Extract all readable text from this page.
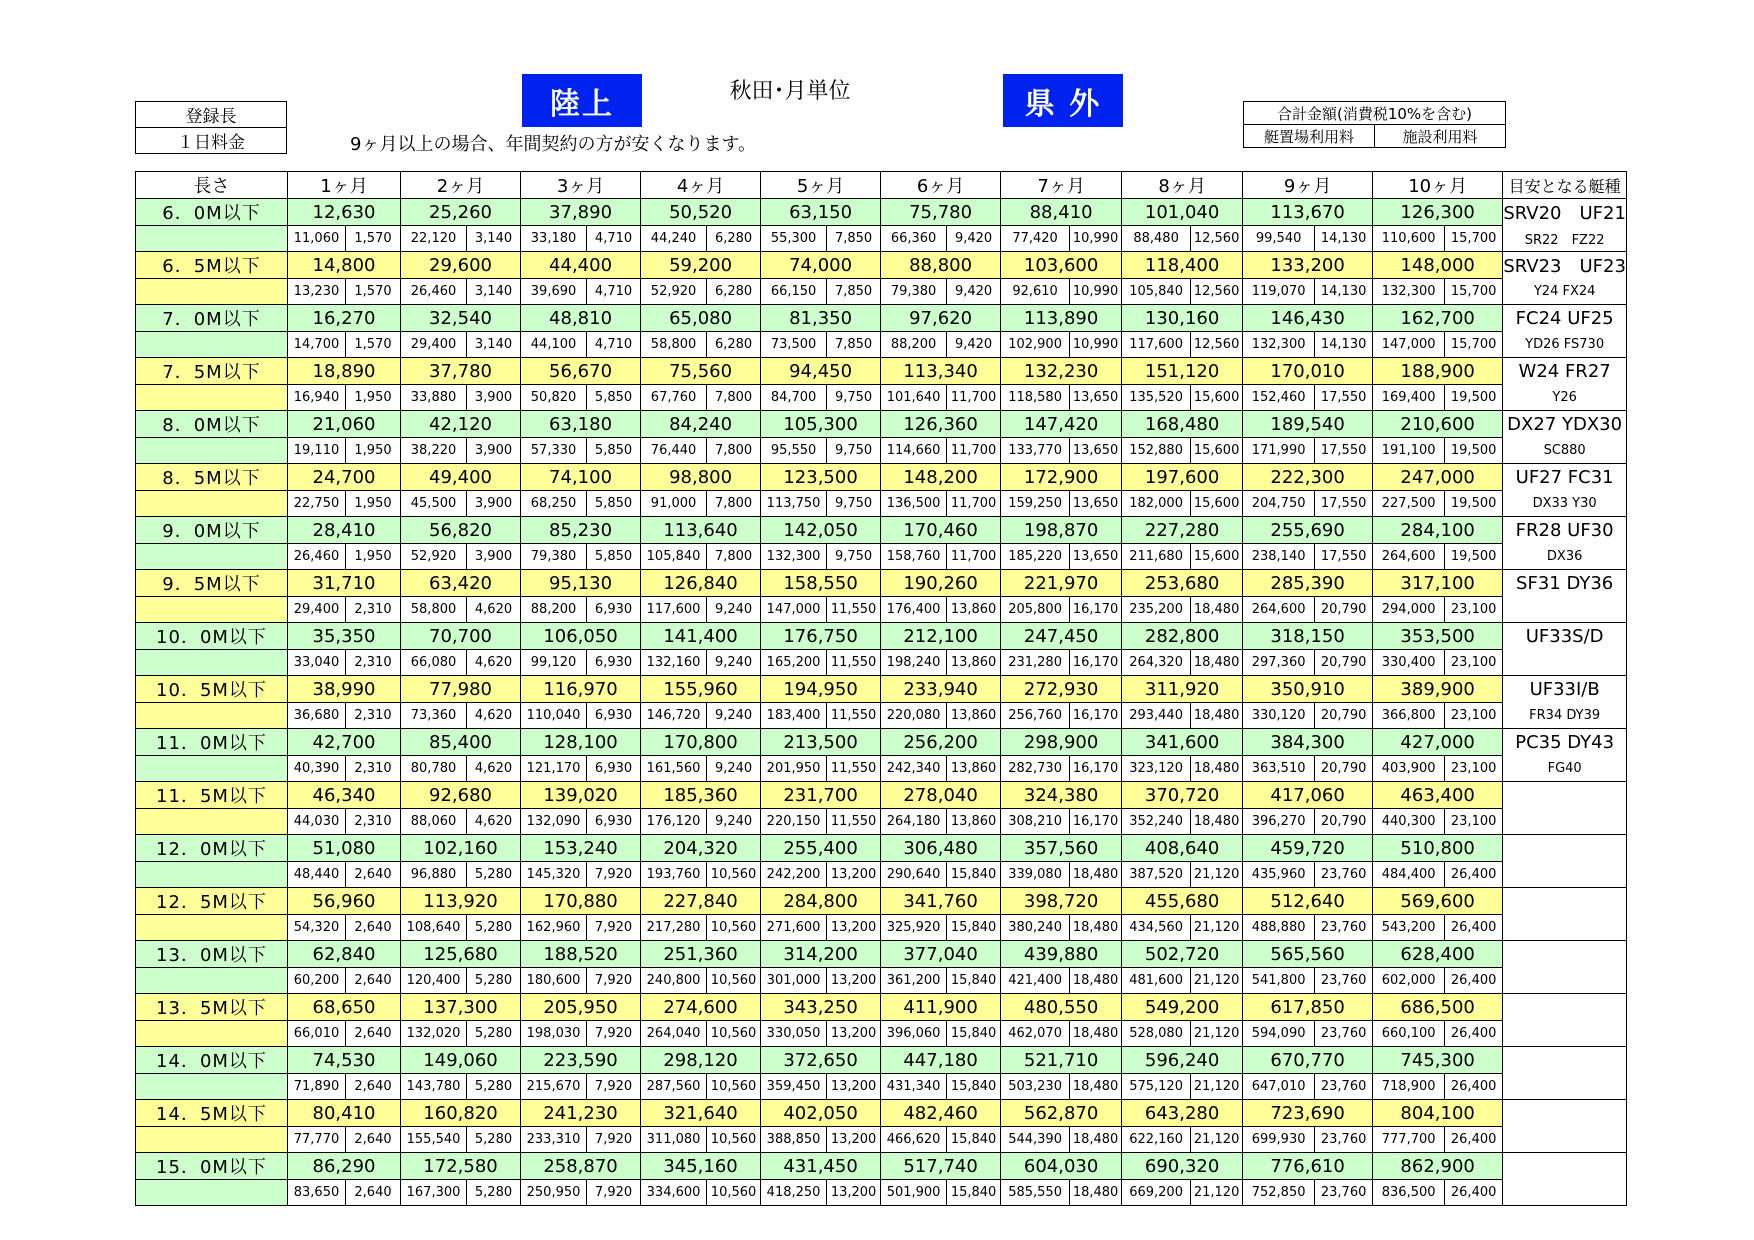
陸上	秋田･月単位	県 外
登録長
１日料金	9ヶ月以上の場合、年間契約の方が安くなります。
合計金額(消費税10%を含む)
艇置場利用料	施設利用料
長さ	1ヶ月		2ヶ月		3ヶ月		4ヶ月		5ヶ月		6ヶ月		7ヶ月		8ヶ月		9ヶ月		10ヶ月		目安となる艇種
6．0M以下	12,630		25,260		37,890		50,520		63,150		75,780		88,410		101,040		113,670		126,300		SRV20　UF21
	11,060	1,570	22,120	3,140	33,180	4,710	44,240	6,280	55,300	7,850	66,360	9,420	77,420	10,990	88,480	12,560	99,540	14,130	110,600	15,700	SR22　FZ22
6．5M以下	14,800		29,600		44,400		59,200		74,000		88,800		103,600		118,400		133,200		148,000		SRV23　UF23
	13,230	1,570	26,460	3,140	39,690	4,710	52,920	6,280	66,150	7,850	79,380	9,420	92,610	10,990	105,840	12,560	119,070	14,130	132,300	15,700	Y24 FX24
7．0M以下	16,270		32,540		48,810		65,080		81,350		97,620		113,890		130,160		146,430		162,700		FC24 UF25
	14,700	1,570	29,400	3,140	44,100	4,710	58,800	6,280	73,500	7,850	88,200	9,420	102,900	10,990	117,600	12,560	132,300	14,130	147,000	15,700	YD26 FS730
7．5M以下	18,890		37,780		56,670		75,560		94,450		113,340		132,230		151,120		170,010		188,900		W24 FR27
	16,940	1,950	33,880	3,900	50,820	5,850	67,760	7,800	84,700	9,750	101,640	11,700	118,580	13,650	135,520	15,600	152,460	17,550	169,400	19,500	Y26
8．0M以下	21,060		42,120		63,180		84,240		105,300		126,360		147,420		168,480		189,540		210,600		DX27 YDX30
	19,110	1,950	38,220	3,900	57,330	5,850	76,440	7,800	95,550	9,750	114,660	11,700	133,770	13,650	152,880	15,600	171,990	17,550	191,100	19,500	SC880
8．5M以下	24,700		49,400		74,100		98,800		123,500		148,200		172,900		197,600		222,300		247,000		UF27 FC31
	22,750	1,950	45,500	3,900	68,250	5,850	91,000	7,800	113,750	9,750	136,500	11,700	159,250	13,650	182,000	15,600	204,750	17,550	227,500	19,500	DX33 Y30
9．0M以下	28,410		56,820		85,230		113,640		142,050		170,460		198,870		227,280		255,690		284,100		FR28 UF30
	26,460	1,950	52,920	3,900	79,380	5,850	105,840	7,800	132,300	9,750	158,760	11,700	185,220	13,650	211,680	15,600	238,140	17,550	264,600	19,500	DX36
9．5M以下	31,710		63,420		95,130		126,840		158,550		190,260		221,970		253,680		285,390		317,100		SF31 DY36
	29,400	2,310	58,800	4,620	88,200	6,930	117,600	9,240	147,000	11,550	176,400	13,860	205,800	16,170	235,200	18,480	264,600	20,790	294,000	23,100	
10．0M以下	35,350		70,700		106,050		141,400		176,750		212,100		247,450		282,800		318,150		353,500		UF33S/D
	33,040	2,310	66,080	4,620	99,120	6,930	132,160	9,240	165,200	11,550	198,240	13,860	231,280	16,170	264,320	18,480	297,360	20,790	330,400	23,100	
10．5M以下	38,990		77,980		116,970		155,960		194,950		233,940		272,930		311,920		350,910		389,900		UF33I/B
	36,680	2,310	73,360	4,620	110,040	6,930	146,720	9,240	183,400	11,550	220,080	13,860	256,760	16,170	293,440	18,480	330,120	20,790	366,800	23,100	FR34 DY39
11．0M以下	42,700		85,400		128,100		170,800		213,500		256,200		298,900		341,600		384,300		427,000		PC35 DY43
	40,390	2,310	80,780	4,620	121,170	6,930	161,560	9,240	201,950	11,550	242,340	13,860	282,730	16,170	323,120	18,480	363,510	20,790	403,900	23,100	FG40
11．5M以下	46,340		92,680		139,020		185,360		231,700		278,040		324,380		370,720		417,060		463,400		
	44,030	2,310	88,060	4,620	132,090	6,930	176,120	9,240	220,150	11,550	264,180	13,860	308,210	16,170	352,240	18,480	396,270	20,790	440,300	23,100	
12．0M以下	51,080		102,160		153,240		204,320		255,400		306,480		357,560		408,640		459,720		510,800		
	48,440	2,640	96,880	5,280	145,320	7,920	193,760	10,560	242,200	13,200	290,640	15,840	339,080	18,480	387,520	21,120	435,960	23,760	484,400	26,400	
12．5M以下	56,960		113,920		170,880		227,840		284,800		341,760		398,720		455,680		512,640		569,600		
	54,320	2,640	108,640	5,280	162,960	7,920	217,280	10,560	271,600	13,200	325,920	15,840	380,240	18,480	434,560	21,120	488,880	23,760	543,200	26,400	
13．0M以下	62,840		125,680		188,520		251,360		314,200		377,040		439,880		502,720		565,560		628,400		
	60,200	2,640	120,400	5,280	180,600	7,920	240,800	10,560	301,000	13,200	361,200	15,840	421,400	18,480	481,600	21,120	541,800	23,760	602,000	26,400	
13．5M以下	68,650		137,300		205,950		274,600		343,250		411,900		480,550		549,200		617,850		686,500		
	66,010	2,640	132,020	5,280	198,030	7,920	264,040	10,560	330,050	13,200	396,060	15,840	462,070	18,480	528,080	21,120	594,090	23,760	660,100	26,400	
14．0M以下	74,530		149,060		223,590		298,120		372,650		447,180		521,710		596,240		670,770		745,300		
	71,890	2,640	143,780	5,280	215,670	7,920	287,560	10,560	359,450	13,200	431,340	15,840	503,230	18,480	575,120	21,120	647,010	23,760	718,900	26,400	
14．5M以下	80,410		160,820		241,230		321,640		402,050		482,460		562,870		643,280		723,690		804,100		
	77,770	2,640	155,540	5,280	233,310	7,920	311,080	10,560	388,850	13,200	466,620	15,840	544,390	18,480	622,160	21,120	699,930	23,760	777,700	26,400	
15．0M以下	86,290		172,580		258,870		345,160		431,450		517,740		604,030		690,320		776,610		862,900		
	83,650	2,640	167,300	5,280	250,950	7,920	334,600	10,560	418,250	13,200	501,900	15,840	585,550	18,480	669,200	21,120	752,850	23,760	836,500	26,400	
